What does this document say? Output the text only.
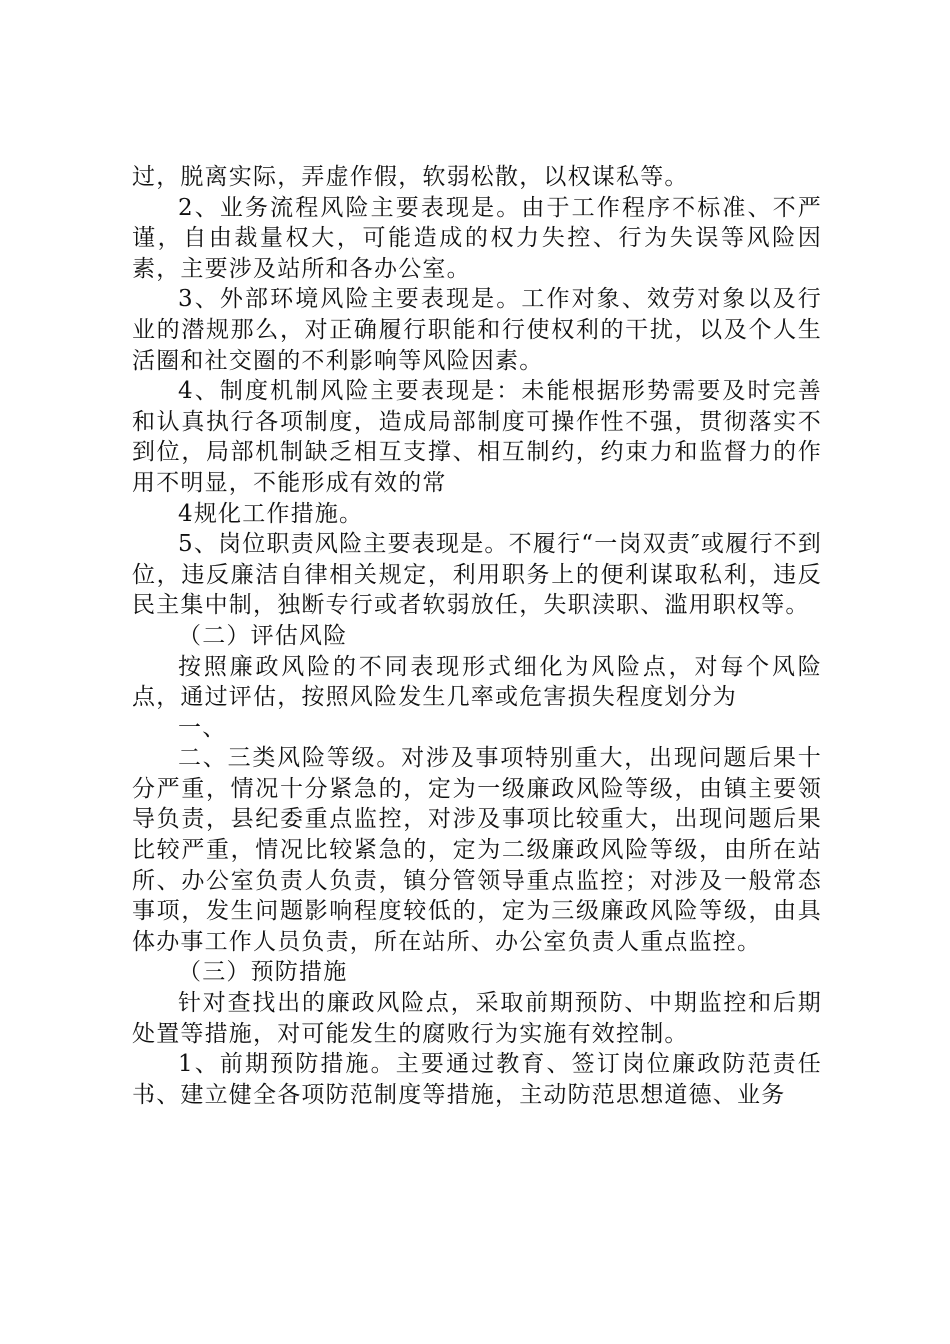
过，脱离实际，弄虚作假，软弱松散，以权谋私等。

2、业务流程风险主要表现是。由于工作程序不标准、不严谨，自由裁量权大，可能造成的权力失控、行为失误等风险因素，主要涉及站所和各办公室。

3、外部环境风险主要表现是。工作对象、效劳对象以及行业的潜规那么，对正确履行职能和行使权利的干扰，以及个人生活圈和社交圈的不利影响等风险因素。

4、制度机制风险主要表现是：未能根据形势需要及时完善和认真执行各项制度，造成局部制度可操作性不强，贯彻落实不到位，局部机制缺乏相互支撑、相互制约，约束力和监督力的作用不明显，不能形成有效的常

4规化工作措施。

5、岗位职责风险主要表现是。不履行“一岗双责″或履行不到位，违反廉洁自律相关规定，利用职务上的便利谋取私利，违反民主集中制，独断专行或者软弱放任，失职渎职、滥用职权等。

（二）评估风险

按照廉政风险的不同表现形式细化为风险点，对每个风险点，通过评估，按照风险发生几率或危害损失程度划分为

一、

二、三类风险等级。对涉及事项特别重大，出现问题后果十分严重，情况十分紧急的，定为一级廉政风险等级，由镇主要领导负责，县纪委重点监控，对涉及事项比较重大，出现问题后果比较严重，情况比较紧急的，定为二级廉政风险等级，由所在站所、办公室负责人负责，镇分管领导重点监控；对涉及一般常态事项，发生问题影响程度较低的，定为三级廉政风险等级，由具体办事工作人员负责，所在站所、办公室负责人重点监控。

（三）预防措施

针对查找出的廉政风险点，采取前期预防、中期监控和后期处置等措施，对可能发生的腐败行为实施有效控制。

1、前期预防措施。主要通过教育、签订岗位廉政防范责任书、建立健全各项防范制度等措施，主动防范思想道德、业务
